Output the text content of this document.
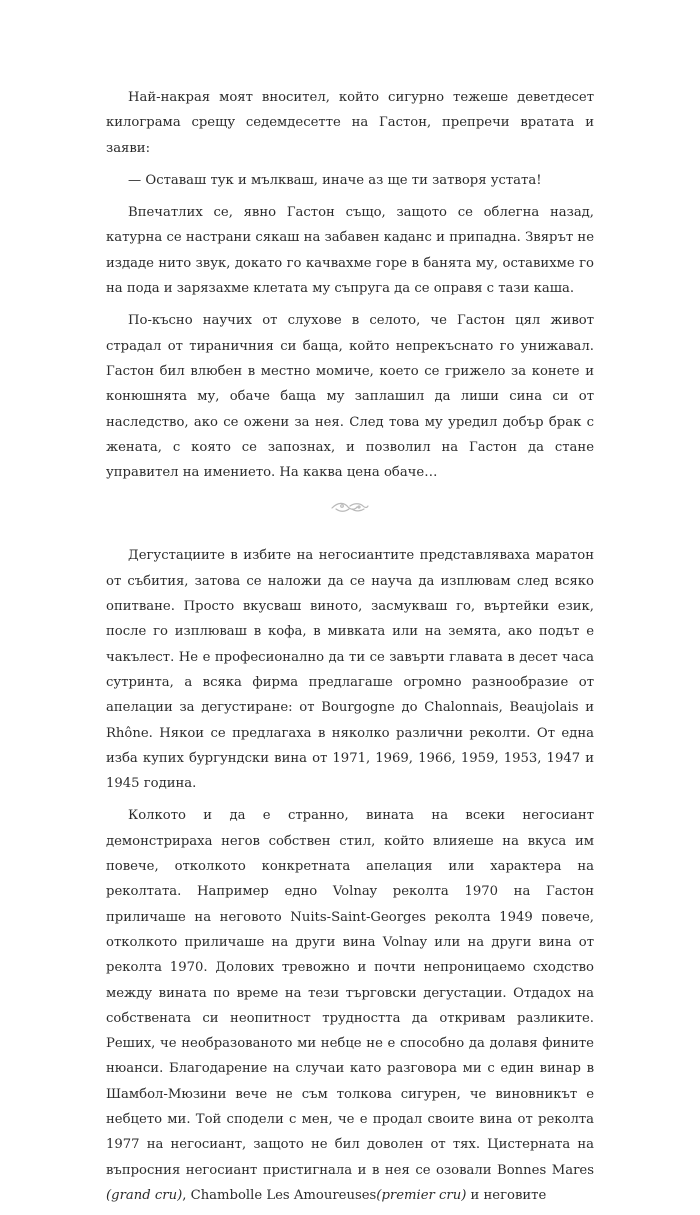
Най-накрая моят вносител, който сигурно тежеше деветдесет килограма срещу седемдесетте на Гастон, препречи вратата и заяви:

— Оставаш тук и мълкваш, иначе аз ще ти затворя устата!

Впечатлих се, явно Гастон също, защото се облегна назад, катурна се настрани сякаш на забавен каданс и припадна. Звярът не издаде нито звук, докато го качвахме горе в банята му, оставихме го на пода и зарязахме клетата му съпруга да се оправя с тази каша.

По-късно научих от слухове в селото, че Гастон цял живот страдал от тираничния си баща, който непрекъснато го унижавал. Гастон бил влюбен в местно момиче, което се грижело за конете и конюшнята му, обаче баща му заплашил да лиши сина си от наследство, ако се ожени за нея. След това му уредил добър брак с жената, с която се запознах, и позволил на Гастон да стане управител на имението. На каква цена обаче…

Дегустациите в избите на негосиантите представляваха маратон от събития, затова се наложи да се науча да изплювам след всяко опитване. Просто вкусваш виното, засмукваш го, въртейки език, после го изплюваш в кофа, в мивката или на земята, ако подът е чакълест. Не е професионално да ти се завърти главата в десет часа сутринта, а всяка фирма предлагаше огромно разнообразие от апелации за дегустиране: от Bourgogne до Chalonnais, Beaujolais и Rhône. Някои се предлагаха в няколко различни реколти. От една изба купих бургундски вина от 1971, 1969, 1966, 1959, 1953, 1947 и 1945 година.

Колкото и да е странно, вината на всеки негосиант демонстрираха негов собствен стил, който влияеше на вкуса им повече, отколкото конкретната апелация или характера на реколтата. Например едно Volnay реколта 1970 на Гастон приличаше на неговото Nuits-Saint-Georges реколта 1949 повече, отколкото приличаше на други вина Volnay или на други вина от реколта 1970. Долових тревожно и почти непроницаемо сходство между вината по време на тези търговски дегустации. Отдадох на собствената си неопитност трудността да откривам разликите. Реших, че необразованото ми небце не е способно да долавя фините нюанси. Благодарение на случаи като разговора ми с един винар в Шамбол-Мюзини вече не съм толкова сигурен, че виновникът е небцето ми. Той сподели с мен, че е продал своите вина от реколта 1977 на негосиант, защото не бил доволен от тях. Цистерната на въпросния негосиант пристигнала и в нея се озовали Bonnes Mares (grand cru), Chambolle Les Amoureuses(premier cru) и неговите
